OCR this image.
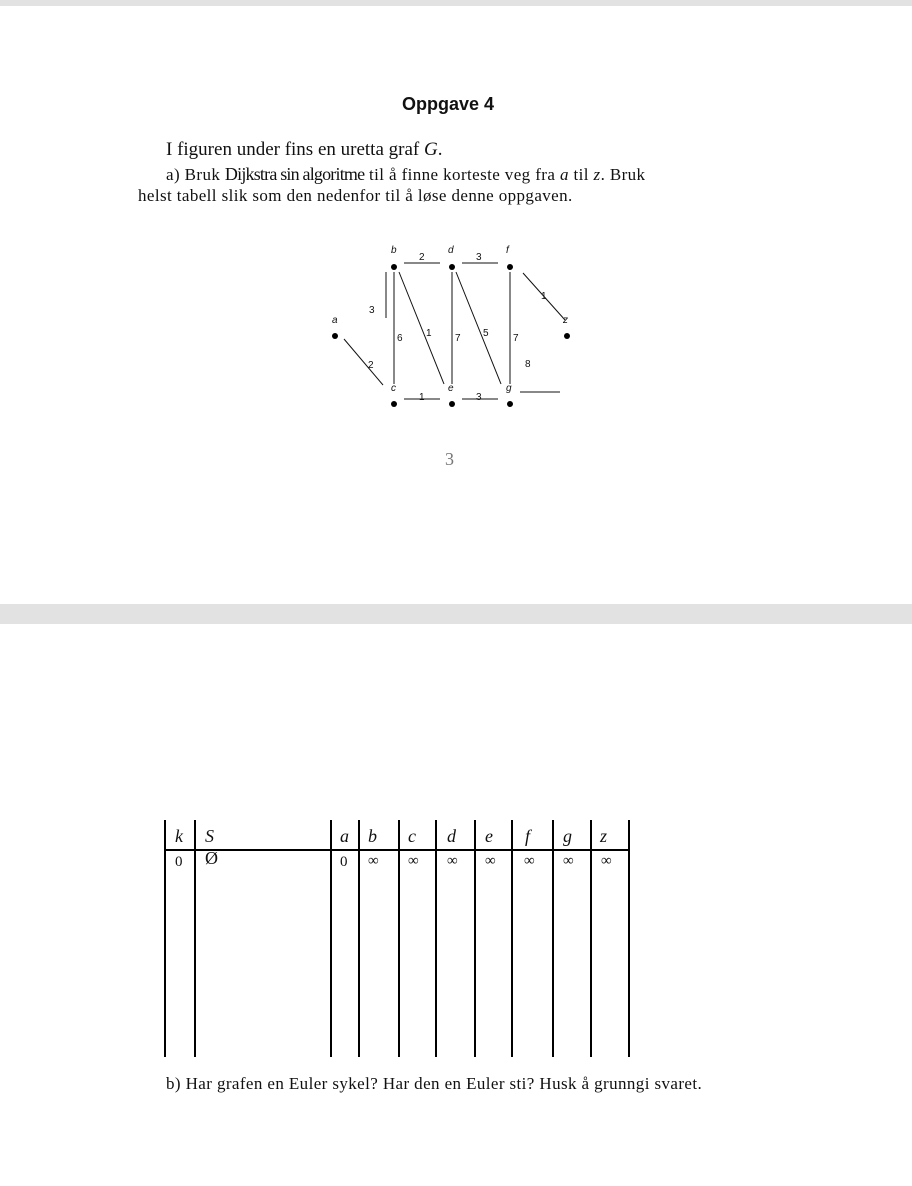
Oppgave 4
I figuren under fins en uretta graf G.
a) Bruk Dijkstra sin algoritme til å finne korteste veg fra a til z. Bruk
helst tabell slik som den nedenfor til å løse denne oppgaven.
a
b
c
d
e
f
g
z
2
3
6
2
1 7
3
5
1	3
7
1
8
3
k S	a b c d e f g z
0 Ø	0 ∞ ∞ ∞ ∞ ∞ ∞ ∞
b) Har grafen en Euler sykel? Har den en Euler sti? Husk å grunngi svaret.
